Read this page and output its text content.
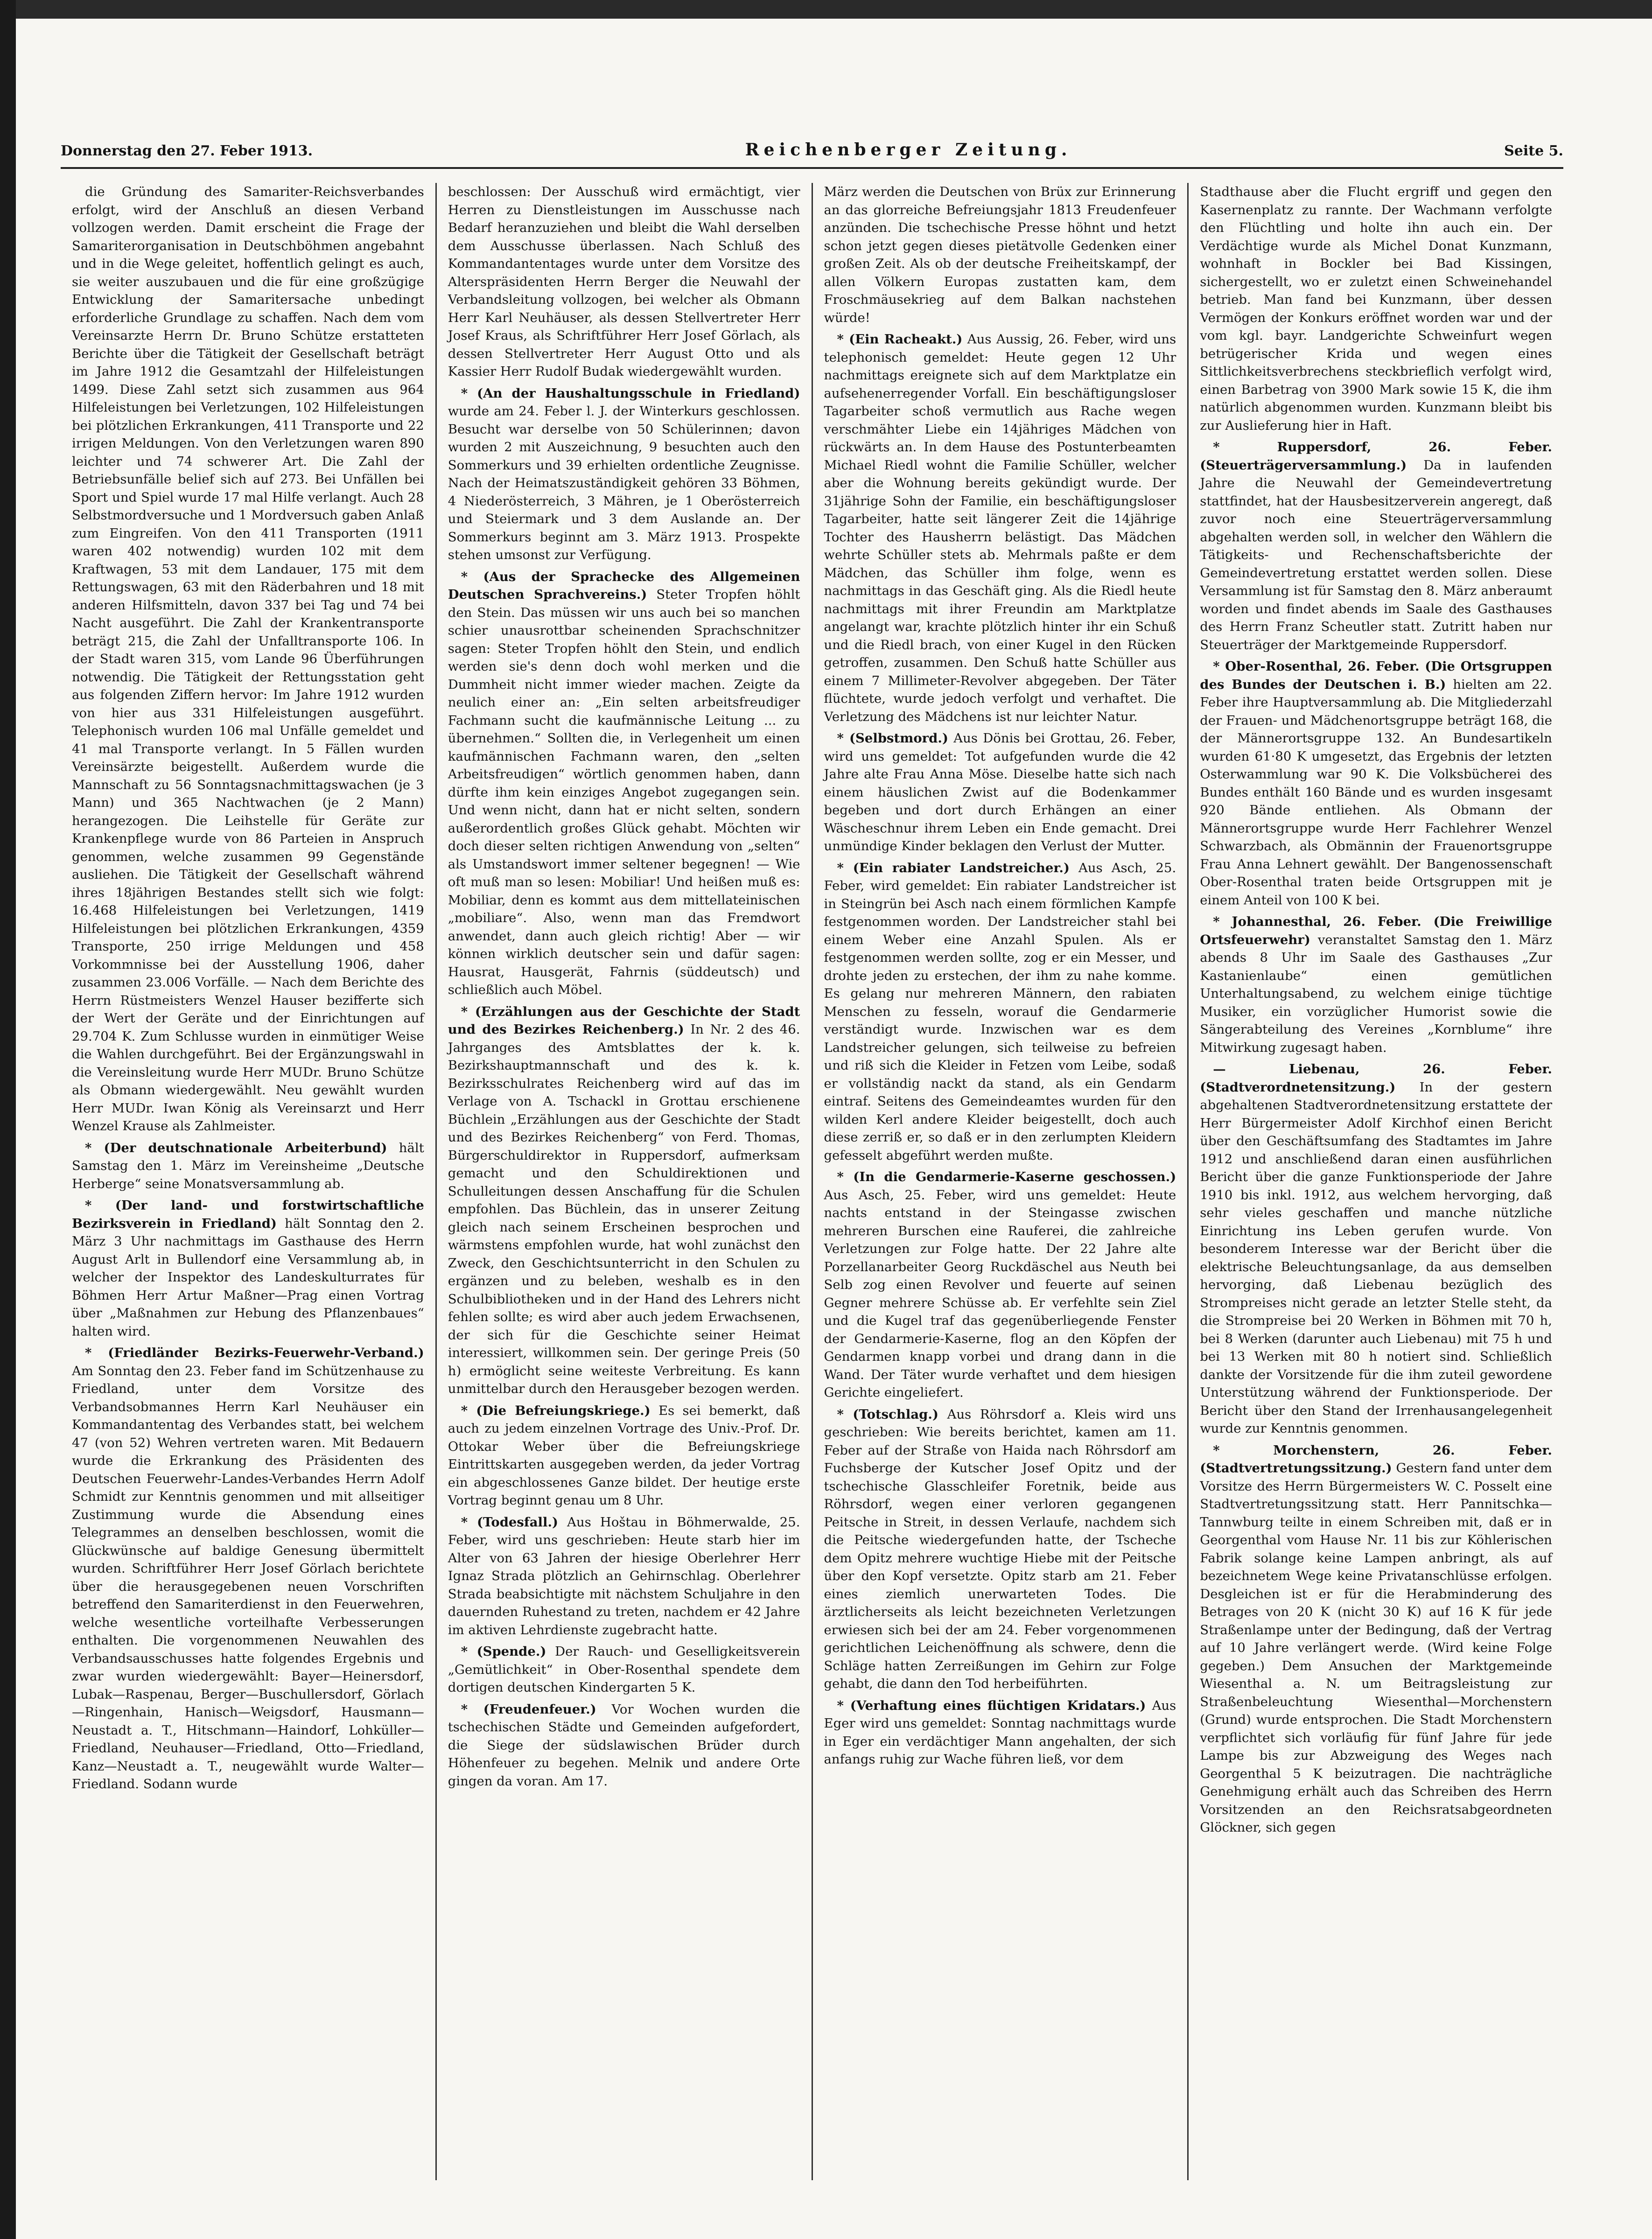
Donnerstag den 27. Feber 1913.	Reichenberger Zeitung.	Seite 5.

die Gründung des Samariter-Reichsverbandes erfolgt, wird der Anschluß an diesen Verband vollzogen werden. Damit erscheint die Frage der Samariterorganisation in Deutschböhmen angebahnt und in die Wege geleitet, hoffentlich gelingt es auch, sie weiter auszubauen und die für eine großzügige Entwicklung der Samaritersache unbedingt erforderliche Grundlage zu schaffen. Nach dem vom Vereinsarzte Herrn Dr. Bruno Schütze erstatteten Berichte über die Tätigkeit der Gesellschaft beträgt im Jahre 1912 die Gesamtzahl der Hilfeleistungen 1499. Diese Zahl setzt sich zusammen aus 964 Hilfeleistungen bei Verletzungen, 102 Hilfeleistungen bei plötzlichen Erkrankungen, 411 Transporte und 22 irrigen Meldungen. Von den Verletzungen waren 890 leichter und 74 schwerer Art. Die Zahl der Betriebsunfälle belief sich auf 273. Bei Unfällen bei Sport und Spiel wurde 17 mal Hilfe verlangt. Auch 28 Selbstmordversuche und 1 Mordversuch gaben Anlaß zum Eingreifen. Von den 411 Transporten (1911 waren 402 notwendig) wurden 102 mit dem Kraftwagen, 53 mit dem Landauer, 175 mit dem Rettungswagen, 63 mit den Räderbahren und 18 mit anderen Hilfsmitteln, davon 337 bei Tag und 74 bei Nacht ausgeführt. Die Zahl der Krankentransporte beträgt 215, die Zahl der Unfalltransporte 106. In der Stadt waren 315, vom Lande 96 Überführungen notwendig. Die Tätigkeit der Rettungsstation geht aus folgenden Ziffern hervor: Im Jahre 1912 wurden von hier aus 331 Hilfeleistungen ausgeführt. Telephonisch wurden 106 mal Unfälle gemeldet und 41 mal Transporte verlangt. In 5 Fällen wurden Vereinsärzte beigestellt. Außerdem wurde die Mannschaft zu 56 Sonntagsnachmittagswachen (je 3 Mann) und 365 Nachtwachen (je 2 Mann) herangezogen. Die Leihstelle für Geräte zur Krankenpflege wurde von 86 Parteien in Anspruch genommen, welche zusammen 99 Gegenstände ausliehen. Die Tätigkeit der Gesellschaft während ihres 18jährigen Bestandes stellt sich wie folgt: 16.468 Hilfeleistungen bei Verletzungen, 1419 Hilfeleistungen bei plötzlichen Erkrankungen, 4359 Transporte, 250 irrige Meldungen und 458 Vorkommnisse bei der Ausstellung 1906, daher zusammen 23.006 Vorfälle. — Nach dem Berichte des Herrn Rüstmeisters Wenzel Hauser bezifferte sich der Wert der Geräte und der Einrichtungen auf 29.704 K. Zum Schlusse wurden in einmütiger Weise die Wahlen durchgeführt. Bei der Ergänzungswahl in die Vereinsleitung wurde Herr MUDr. Bruno Schütze als Obmann wiedergewählt. Neu gewählt wurden Herr MUDr. Iwan König als Vereinsarzt und Herr Wenzel Krause als Zahlmeister.

* (Der deutschnationale Arbeiterbund) hält Samstag den 1. März im Vereinsheime „Deutsche Herberge“ seine Monatsversammlung ab.

* (Der land- und forstwirtschaftliche Bezirksverein in Friedland) hält Sonntag den 2. März 3 Uhr nachmittags im Gasthause des Herrn August Arlt in Bullendorf eine Versammlung ab, in welcher der Inspektor des Landeskulturrates für Böhmen Herr Artur Maßner—Prag einen Vortrag über „Maßnahmen zur Hebung des Pflanzenbaues“ halten wird.

* (Friedländer Bezirks-Feuerwehr-Verband.) Am Sonntag den 23. Feber fand im Schützenhause zu Friedland, unter dem Vorsitze des Verbandsobmannes Herrn Karl Neuhäuser ein Kommandantentag des Verbandes statt, bei welchem 47 (von 52) Wehren vertreten waren. Mit Bedauern wurde die Erkrankung des Präsidenten des Deutschen Feuerwehr-Landes-Verbandes Herrn Adolf Schmidt zur Kenntnis genommen und mit allseitiger Zustimmung wurde die Absendung eines Telegrammes an denselben beschlossen, womit die Glückwünsche auf baldige Genesung übermittelt wurden. Schriftführer Herr Josef Görlach berichtete über die herausgegebenen neuen Vorschriften betreffend den Samariterdienst in den Feuerwehren, welche wesentliche vorteilhafte Verbesserungen enthalten. Die vorgenommenen Neuwahlen des Verbandsausschusses hatte folgendes Ergebnis und zwar wurden wiedergewählt: Bayer—Heinersdorf, Lubak—Raspenau, Berger—Buschullersdorf, Görlach—Ringenhain, Hanisch—Weigsdorf, Hausmann—Neustadt a. T., Hitschmann—Haindorf, Lohküller—Friedland, Neuhauser—Friedland, Otto—Friedland, Kanz—Neustadt a. T., neugewählt wurde Walter—Friedland. Sodann wurde

beschlossen: Der Ausschuß wird ermächtigt, vier Herren zu Dienstleistungen im Ausschusse nach Bedarf heranzuziehen und bleibt die Wahl derselben dem Ausschusse überlassen. Nach Schluß des Kommandantentages wurde unter dem Vorsitze des Alterspräsidenten Herrn Berger die Neuwahl der Verbandsleitung vollzogen, bei welcher als Obmann Herr Karl Neuhäuser, als dessen Stellvertreter Herr Josef Kraus, als Schriftführer Herr Josef Görlach, als dessen Stellvertreter Herr August Otto und als Kassier Herr Rudolf Budak wiedergewählt wurden.

* (An der Haushaltungsschule in Friedland) wurde am 24. Feber l. J. der Winterkurs geschlossen. Besucht war derselbe von 50 Schülerinnen; davon wurden 2 mit Auszeichnung, 9 besuchten auch den Sommerkurs und 39 erhielten ordentliche Zeugnisse. Nach der Heimatszuständigkeit gehören 33 Böhmen, 4 Niederösterreich, 3 Mähren, je 1 Oberösterreich und Steiermark und 3 dem Auslande an. Der Sommerkurs beginnt am 3. März 1913. Prospekte stehen umsonst zur Verfügung.

* (Aus der Sprachecke des Allgemeinen Deutschen Sprachvereins.) Steter Tropfen höhlt den Stein. Das müssen wir uns auch bei so manchen schier unausrottbar scheinenden Sprachschnitzer sagen: Steter Tropfen höhlt den Stein, und endlich werden sie's denn doch wohl merken und die Dummheit nicht immer wieder machen. Zeigte da neulich einer an: „Ein selten arbeitsfreudiger Fachmann sucht die kaufmännische Leitung ... zu übernehmen.“ Sollten die, in Verlegenheit um einen kaufmännischen Fachmann waren, den „selten Arbeitsfreudigen“ wörtlich genommen haben, dann dürfte ihm kein einziges Angebot zugegangen sein. Und wenn nicht, dann hat er nicht selten, sondern außerordentlich großes Glück gehabt. Möchten wir doch dieser selten richtigen Anwendung von „selten“ als Umstandswort immer seltener begegnen! — Wie oft muß man so lesen: Mobiliar! Und heißen muß es: Mobiliar, denn es kommt aus dem mittellateinischen „mobiliare“. Also, wenn man das Fremdwort anwendet, dann auch gleich richtig! Aber — wir können wirklich deutscher sein und dafür sagen: Hausrat, Hausgerät, Fahrnis (süddeutsch) und schließlich auch Möbel.

* (Erzählungen aus der Geschichte der Stadt und des Bezirkes Reichenberg.) In Nr. 2 des 46. Jahrganges des Amtsblattes der k. k. Bezirkshauptmannschaft und des k. k. Bezirksschulrates Reichenberg wird auf das im Verlage von A. Tschackl in Grottau erschienene Büchlein „Erzählungen aus der Geschichte der Stadt und des Bezirkes Reichenberg“ von Ferd. Thomas, Bürgerschuldirektor in Ruppersdorf, aufmerksam gemacht und den Schuldirektionen und Schulleitungen dessen Anschaffung für die Schulen empfohlen. Das Büchlein, das in unserer Zeitung gleich nach seinem Erscheinen besprochen und wärmstens empfohlen wurde, hat wohl zunächst den Zweck, den Geschichtsunterricht in den Schulen zu ergänzen und zu beleben, weshalb es in den Schulbibliotheken und in der Hand des Lehrers nicht fehlen sollte; es wird aber auch jedem Erwachsenen, der sich für die Geschichte seiner Heimat interessiert, willkommen sein. Der geringe Preis (50 h) ermöglicht seine weiteste Verbreitung. Es kann unmittelbar durch den Herausgeber bezogen werden.

* (Die Befreiungskriege.) Es sei bemerkt, daß auch zu jedem einzelnen Vortrage des Univ.-Prof. Dr. Ottokar Weber über die Befreiungskriege Eintrittskarten ausgegeben werden, da jeder Vortrag ein abgeschlossenes Ganze bildet. Der heutige erste Vortrag beginnt genau um 8 Uhr.

* (Todesfall.) Aus Hoštau in Böhmerwalde, 25. Feber, wird uns geschrieben: Heute starb hier im Alter von 63 Jahren der hiesige Oberlehrer Herr Ignaz Strada plötzlich an Gehirnschlag. Oberlehrer Strada beabsichtigte mit nächstem Schuljahre in den dauernden Ruhestand zu treten, nachdem er 42 Jahre im aktiven Lehrdienste zugebracht hatte.

* (Spende.) Der Rauch- und Geselligkeitsverein „Gemütlichkeit“ in Ober-Rosenthal spendete dem dortigen deutschen Kindergarten 5 K.

* (Freudenfeuer.) Vor Wochen wurden die tschechischen Städte und Gemeinden aufgefordert, die Siege der südslawischen Brüder durch Höhenfeuer zu begehen. Melnik und andere Orte gingen da voran. Am 17.

März werden die Deutschen von Brüx zur Erinnerung an das glorreiche Befreiungsjahr 1813 Freudenfeuer anzünden. Die tschechische Presse höhnt und hetzt schon jetzt gegen dieses pietätvolle Gedenken einer großen Zeit. Als ob der deutsche Freiheitskampf, der allen Völkern Europas zustatten kam, dem Froschmäusekrieg auf dem Balkan nachstehen würde!

* (Ein Racheakt.) Aus Aussig, 26. Feber, wird uns telephonisch gemeldet: Heute gegen 12 Uhr nachmittags ereignete sich auf dem Marktplatze ein aufsehenerregender Vorfall. Ein beschäftigungsloser Tagarbeiter schoß vermutlich aus Rache wegen verschmähter Liebe ein 14jähriges Mädchen von rückwärts an. In dem Hause des Postunterbeamten Michael Riedl wohnt die Familie Schüller, welcher aber die Wohnung bereits gekündigt wurde. Der 31jährige Sohn der Familie, ein beschäftigungsloser Tagarbeiter, hatte seit längerer Zeit die 14jährige Tochter des Hausherrn belästigt. Das Mädchen wehrte Schüller stets ab. Mehrmals paßte er dem Mädchen, das Schüller ihm folge, wenn es nachmittags in das Geschäft ging. Als die Riedl heute nachmittags mit ihrer Freundin am Marktplatze angelangt war, krachte plötzlich hinter ihr ein Schuß und die Riedl brach, von einer Kugel in den Rücken getroffen, zusammen. Den Schuß hatte Schüller aus einem 7 Millimeter-Revolver abgegeben. Der Täter flüchtete, wurde jedoch verfolgt und verhaftet. Die Verletzung des Mädchens ist nur leichter Natur.

* (Selbstmord.) Aus Dönis bei Grottau, 26. Feber, wird uns gemeldet: Tot aufgefunden wurde die 42 Jahre alte Frau Anna Möse. Dieselbe hatte sich nach einem häuslichen Zwist auf die Bodenkammer begeben und dort durch Erhängen an einer Wäscheschnur ihrem Leben ein Ende gemacht. Drei unmündige Kinder beklagen den Verlust der Mutter.

* (Ein rabiater Landstreicher.) Aus Asch, 25. Feber, wird gemeldet: Ein rabiater Landstreicher ist in Steingrün bei Asch nach einem förmlichen Kampfe festgenommen worden. Der Landstreicher stahl bei einem Weber eine Anzahl Spulen. Als er festgenommen werden sollte, zog er ein Messer, und drohte jeden zu erstechen, der ihm zu nahe komme. Es gelang nur mehreren Männern, den rabiaten Menschen zu fesseln, worauf die Gendarmerie verständigt wurde. Inzwischen war es dem Landstreicher gelungen, sich teilweise zu befreien und riß sich die Kleider in Fetzen vom Leibe, sodaß er vollständig nackt da stand, als ein Gendarm eintraf. Seitens des Gemeindeamtes wurden für den wilden Kerl andere Kleider beigestellt, doch auch diese zerriß er, so daß er in den zerlumpten Kleidern gefesselt abgeführt werden mußte.

* (In die Gendarmerie-Kaserne geschossen.) Aus Asch, 25. Feber, wird uns gemeldet: Heute nachts entstand in der Steingasse zwischen mehreren Burschen eine Rauferei, die zahlreiche Verletzungen zur Folge hatte. Der 22 Jahre alte Porzellanarbeiter Georg Ruckdäschel aus Neuth bei Selb zog einen Revolver und feuerte auf seinen Gegner mehrere Schüsse ab. Er verfehlte sein Ziel und die Kugel traf das gegenüberliegende Fenster der Gendarmerie-Kaserne, flog an den Köpfen der Gendarmen knapp vorbei und drang dann in die Wand. Der Täter wurde verhaftet und dem hiesigen Gerichte eingeliefert.

* (Totschlag.) Aus Röhrsdorf a. Kleis wird uns geschrieben: Wie bereits berichtet, kamen am 11. Feber auf der Straße von Haida nach Röhrsdorf am Fuchsberge der Kutscher Josef Opitz und der tschechische Glasschleifer Foretnik, beide aus Röhrsdorf, wegen einer verloren gegangenen Peitsche in Streit, in dessen Verlaufe, nachdem sich die Peitsche wiedergefunden hatte, der Tscheche dem Opitz mehrere wuchtige Hiebe mit der Peitsche über den Kopf versetzte. Opitz starb am 21. Feber eines ziemlich unerwarteten Todes. Die ärztlicherseits als leicht bezeichneten Verletzungen erwiesen sich bei der am 24. Feber vorgenommenen gerichtlichen Leichenöffnung als schwere, denn die Schläge hatten Zerreißungen im Gehirn zur Folge gehabt, die dann den Tod herbeiführten.

* (Verhaftung eines flüchtigen Kridatars.) Aus Eger wird uns gemeldet: Sonntag nachmittags wurde in Eger ein verdächtiger Mann angehalten, der sich anfangs ruhig zur Wache führen ließ, vor dem

Stadthause aber die Flucht ergriff und gegen den Kasernenplatz zu rannte. Der Wachmann verfolgte den Flüchtling und holte ihn auch ein. Der Verdächtige wurde als Michel Donat Kunzmann, wohnhaft in Bockler bei Bad Kissingen, sichergestellt, wo er zuletzt einen Schweinehandel betrieb. Man fand bei Kunzmann, über dessen Vermögen der Konkurs eröffnet worden war und der vom kgl. bayr. Landgerichte Schweinfurt wegen betrügerischer Krida und wegen eines Sittlichkeitsverbrechens steckbrieflich verfolgt wird, einen Barbetrag von 3900 Mark sowie 15 K, die ihm natürlich abgenommen wurden. Kunzmann bleibt bis zur Auslieferung hier in Haft.

* Ruppersdorf, 26. Feber. (Steuerträgerversammlung.) Da in laufenden Jahre die Neuwahl der Gemeindevertretung stattfindet, hat der Hausbesitzerverein angeregt, daß zuvor noch eine Steuerträgerversammlung abgehalten werden soll, in welcher den Wählern die Tätigkeits- und Rechenschaftsberichte der Gemeindevertretung erstattet werden sollen. Diese Versammlung ist für Samstag den 8. März anberaumt worden und findet abends im Saale des Gasthauses des Herrn Franz Scheutler statt. Zutritt haben nur Steuerträger der Marktgemeinde Ruppersdorf.

* Ober-Rosenthal, 26. Feber. (Die Ortsgruppen des Bundes der Deutschen i. B.) hielten am 22. Feber ihre Hauptversammlung ab. Die Mitgliederzahl der Frauen- und Mädchenortsgruppe beträgt 168, die der Männerortsgruppe 132. An Bundesartikeln wurden 61·80 K umgesetzt, das Ergebnis der letzten Osterwammlung war 90 K. Die Volksbücherei des Bundes enthält 160 Bände und es wurden insgesamt 920 Bände entliehen. Als Obmann der Männerortsgruppe wurde Herr Fachlehrer Wenzel Schwarzbach, als Obmännin der Frauenortsgruppe Frau Anna Lehnert gewählt. Der Bangenossenschaft Ober-Rosenthal traten beide Ortsgruppen mit je einem Anteil von 100 K bei.

* Johannesthal, 26. Feber. (Die Freiwillige Ortsfeuerwehr) veranstaltet Samstag den 1. März abends 8 Uhr im Saale des Gasthauses „Zur Kastanienlaube“ einen gemütlichen Unterhaltungsabend, zu welchem einige tüchtige Musiker, ein vorzüglicher Humorist sowie die Sängerabteilung des Vereines „Kornblume“ ihre Mitwirkung zugesagt haben.

— Liebenau, 26. Feber. (Stadtverordnetensitzung.) In der gestern abgehaltenen Stadtverordnetensitzung erstattete der Herr Bürgermeister Adolf Kirchhof einen Bericht über den Geschäftsumfang des Stadtamtes im Jahre 1912 und anschließend daran einen ausführlichen Bericht über die ganze Funktionsperiode der Jahre 1910 bis inkl. 1912, aus welchem hervorging, daß sehr vieles geschaffen und manche nützliche Einrichtung ins Leben gerufen wurde. Von besonderem Interesse war der Bericht über die elektrische Beleuchtungsanlage, da aus demselben hervorging, daß Liebenau bezüglich des Strompreises nicht gerade an letzter Stelle steht, da die Strompreise bei 20 Werken in Böhmen mit 70 h, bei 8 Werken (darunter auch Liebenau) mit 75 h und bei 13 Werken mit 80 h notiert sind. Schließlich dankte der Vorsitzende für die ihm zuteil gewordene Unterstützung während der Funktionsperiode. Der Bericht über den Stand der Irrenhausangelegenheit wurde zur Kenntnis genommen.

* Morchenstern, 26. Feber. (Stadtvertretungssitzung.) Gestern fand unter dem Vorsitze des Herrn Bürgermeisters W. C. Posselt eine Stadtvertretungssitzung statt. Herr Pannitschka—Tannwburg teilte in einem Schreiben mit, daß er in Georgenthal vom Hause Nr. 11 bis zur Köhlerischen Fabrik solange keine Lampen anbringt, als auf bezeichnetem Wege keine Privatanschlüsse erfolgen. Desgleichen ist er für die Herabminderung des Betrages von 20 K (nicht 30 K) auf 16 K für jede Straßenlampe unter der Bedingung, daß der Vertrag auf 10 Jahre verlängert werde. (Wird keine Folge gegeben.) Dem Ansuchen der Marktgemeinde Wiesenthal a. N. um Beitragsleistung zur Straßenbeleuchtung Wiesenthal—Morchenstern (Grund) wurde entsprochen. Die Stadt Morchenstern verpflichtet sich vorläufig für fünf Jahre für jede Lampe bis zur Abzweigung des Weges nach Georgenthal 5 K beizutragen. Die nachträgliche Genehmigung erhält auch das Schreiben des Herrn Vorsitzenden an den Reichsratsabgeordneten Glöckner, sich gegen
